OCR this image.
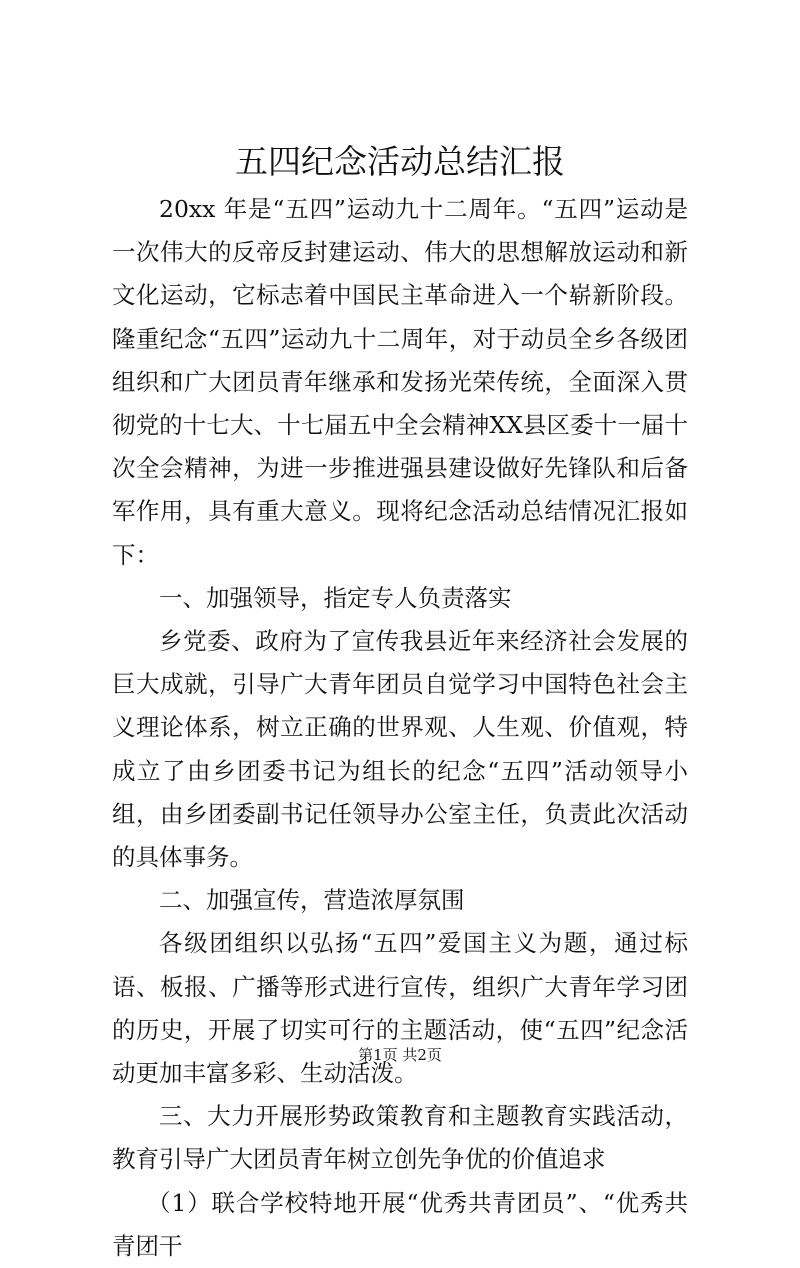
五四纪念活动总结汇报

20xx 年是“五四”运动九十二周年。“五四”运动是一次伟大的反帝反封建运动、伟大的思想解放运动和新文化运动，它标志着中国民主革命进入一个崭新阶段。隆重纪念“五四”运动九十二周年，对于动员全乡各级团组织和广大团员青年继承和发扬光荣传统，全面深入贯彻党的十七大、十七届五中全会精神XX县区委十一届十次全会精神，为进一步推进强县建设做好先锋队和后备军作用，具有重大意义。现将纪念活动总结情况汇报如下：

一、加强领导，指定专人负责落实

乡党委、政府为了宣传我县近年来经济社会发展的巨大成就，引导广大青年团员自觉学习中国特色社会主义理论体系，树立正确的世界观、人生观、价值观，特成立了由乡团委书记为组长的纪念“五四”活动领导小组，由乡团委副书记任领导办公室主任，负责此次活动的具体事务。

二、加强宣传，营造浓厚氛围

各级团组织以弘扬“五四”爱国主义为题，通过标语、板报、广播等形式进行宣传，组织广大青年学习团的历史，开展了切实可行的主题活动，使“五四”纪念活动更加丰富多彩、生动活泼。

三、大力开展形势政策教育和主题教育实践活动，教育引导广大团员青年树立创先争优的价值追求

（1）联合学校特地开展“优秀共青团员”、“优秀共青团干

第1页 共2页
